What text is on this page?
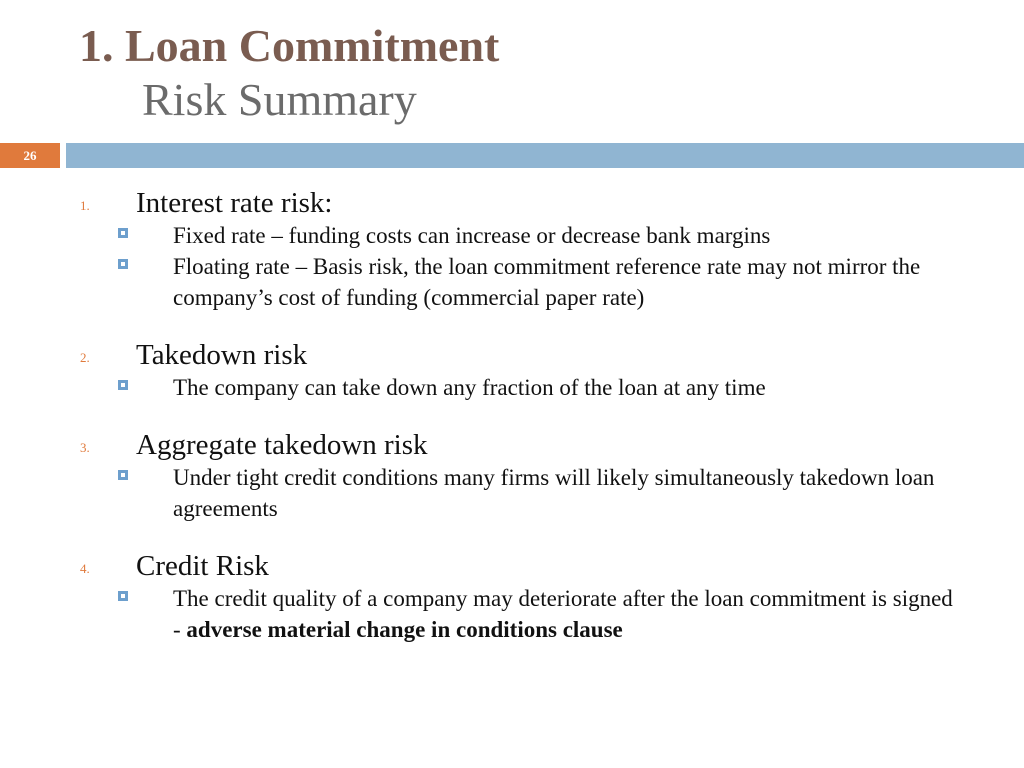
1. Loan Commitment
Risk Summary
26
1. Interest rate risk:
Fixed rate – funding costs can increase or decrease bank margins
Floating rate – Basis risk, the loan commitment reference rate may not mirror the company’s cost of funding (commercial paper rate)
2. Takedown risk
The company can take down any fraction of the loan at any time
3. Aggregate takedown risk
Under tight credit conditions many firms will likely simultaneously takedown loan agreements
4. Credit Risk
The credit quality of a company may deteriorate after the loan commitment is signed - adverse material change in conditions clause
